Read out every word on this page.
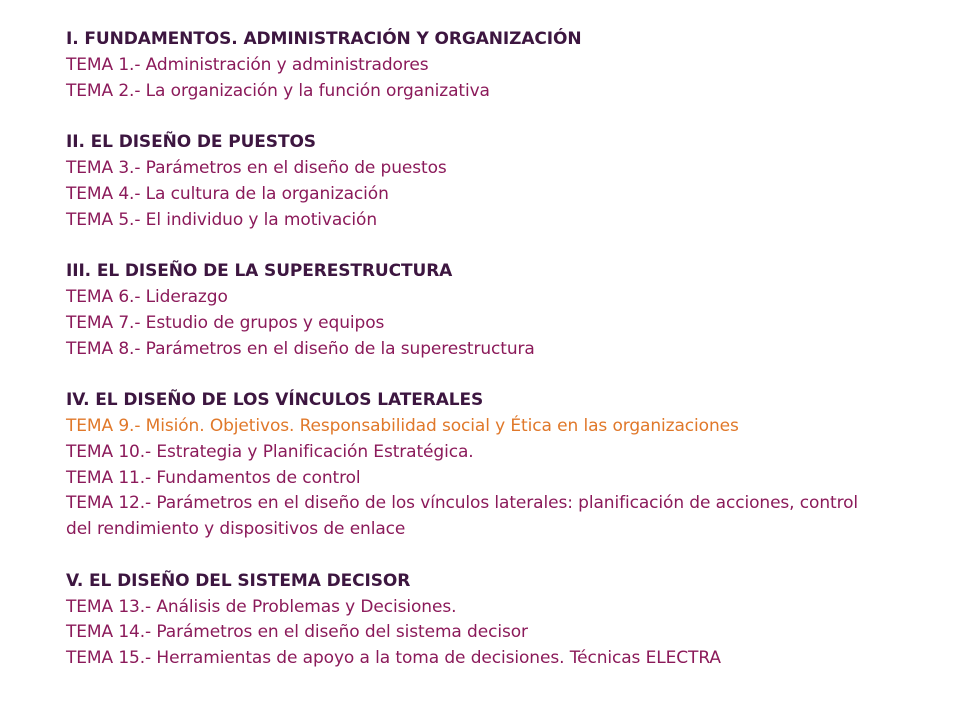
I. FUNDAMENTOS. ADMINISTRACIÓN Y ORGANIZACIÓN
TEMA 1.- Administración y administradores
TEMA 2.- La organización y la función organizativa
II. EL DISEÑO DE PUESTOS
TEMA 3.- Parámetros en el diseño de puestos
TEMA 4.- La cultura de la organización
TEMA 5.- El individuo y la motivación
III. EL DISEÑO DE LA SUPERESTRUCTURA
TEMA 6.- Liderazgo
TEMA 7.- Estudio de grupos y equipos
TEMA 8.- Parámetros en el diseño de la superestructura
IV. EL DISEÑO DE LOS VÍNCULOS LATERALES
TEMA 9.- Misión. Objetivos. Responsabilidad social y Ética en las organizaciones
TEMA 10.- Estrategia y Planificación Estratégica.
TEMA 11.- Fundamentos de control
TEMA 12.- Parámetros en el diseño de los vínculos laterales: planificación de acciones, control del rendimiento y dispositivos de enlace
V. EL DISEÑO DEL SISTEMA DECISOR
TEMA 13.- Análisis de Problemas y Decisiones.
TEMA 14.- Parámetros en el diseño del sistema decisor
TEMA 15.- Herramientas de apoyo a la toma de decisiones. Técnicas ELECTRA
